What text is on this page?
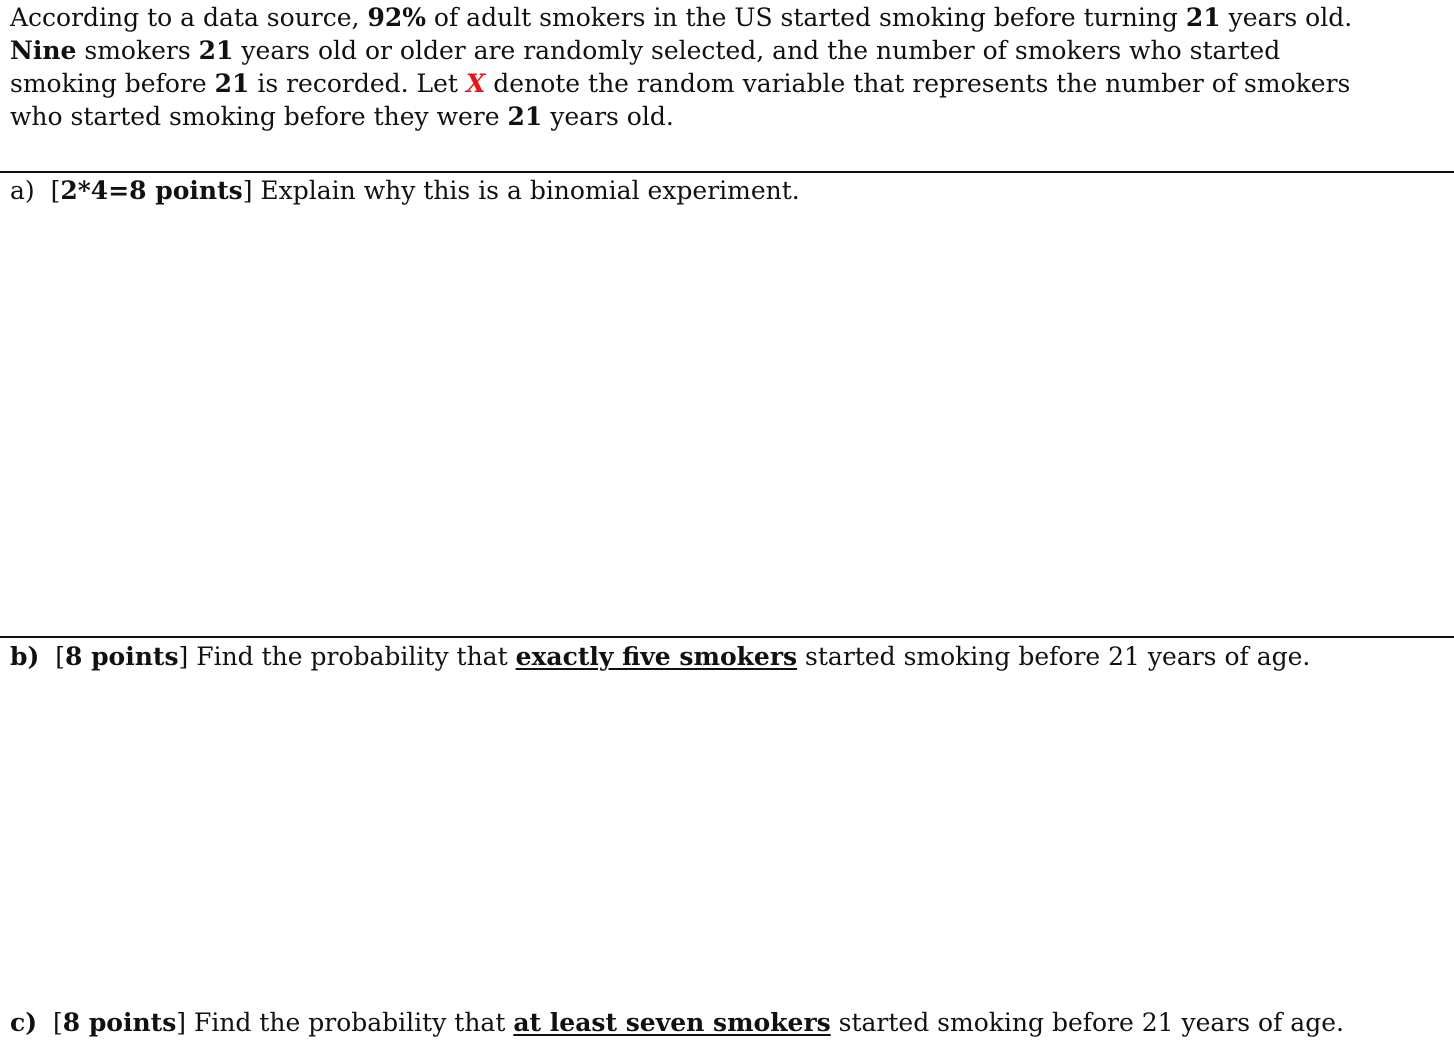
According to a data source, 92% of adult smokers in the US started smoking before turning 21 years old.
Nine smokers 21 years old or older are randomly selected, and the number of smokers who started
smoking before 21 is recorded. Let X denote the random variable that represents the number of smokers
who started smoking before they were 21 years old.

a)  [2*4=8 points] Explain why this is a binomial experiment.

b)  [8 points] Find the probability that exactly five smokers started smoking before 21 years of age.

c)  [8 points] Find the probability that at least seven smokers started smoking before 21 years of age.
